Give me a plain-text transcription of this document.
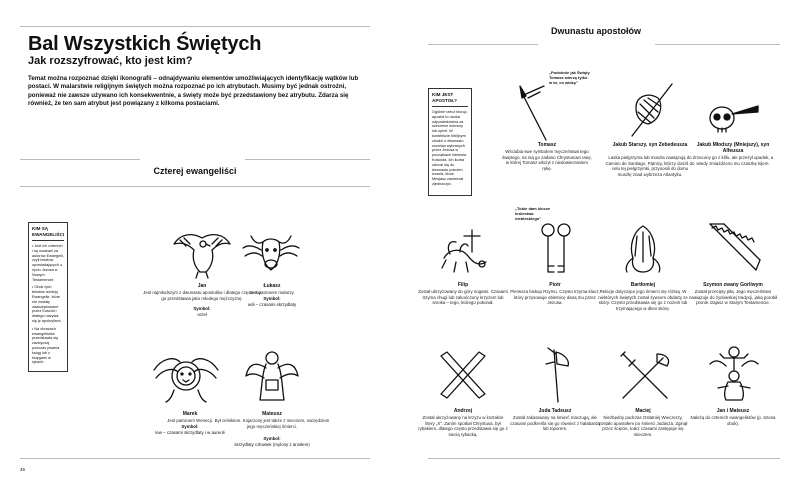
Bal Wszystkich Świętych
Jak rozszyfrować, kto jest kim?
Temat można rozpoznać dzięki ikonografii – odnajdywaniu elementów umożliwiających identyfikację wątków lub postaci. W malarstwie religijnym świętych można rozpoznać po ich atrybutach. Musimy być jednak ostrożni, ponieważ nie zawsze używano ich konsekwentnie, a święty może być przedstawiony bez atrybutu. Zdarza się również, że ten sam atrybut jest powiązany z kilkoma postaciami.
Czterej ewangeliści
KIM SĄ EWANGELIŚCI
• Jest ich czterech i są uważani za autorów Ewangelii, czyli tekstów opowiadających o życiu Jezusa w Nowym Testamencie.
• Obok tych tekstów istnieją Ewangelie, które nie zostały zaakceptowane przez Kościół i dlatego nazywa się je apokryfami.
• Na obrazach ewangelistów przedstawia się zazwyczaj podczas pisania ksiąg lub z księgami w rękach.
Jan
Jest najmłodszym z dwunastu apostołów i dlatego często się go przedstawia jako młodego mężczyznę.
Symbol:
orzeł
Łukasz
Jest patronem malarzy.
Symbol:
wół – czasami skrzydlaty
Marek
Jest patronem Wenecji.
Symbol:
lew – czasami skrzydlaty i w aureoli
Mateusz
Był celnikiem. Kojarzony jest także z mieczem, narzędziem jego męczeńskiej śmierci.
Symbol:
skrzydlaty człowiek (mylony z aniołem)
46
Dwunastu apostołów
KIM JEST APOSTOŁ?
Ogólnie rzecz biorąc, apostoł to osoba odpowiedzialna za szerzenie dobrony lub opinii. W kontekście biblijnym chodzi o dwunastu uczniów wybranych przez Jezusa w początkach istnienia Kościoła. Ich liczba odnosi się do dwunastu pokoleń Izraela, które Mesjasz zamierzał zjednoczyć.
„Podobnie jak Święty Tomasz wierzę tylko w to, co widzę"
Tomasz
Wściubia swe symbolem męczeństwa tego świętego, na nią go zadano Chrystusowi ranę, w której Tomasz włożył z niedowierzaniem rękę.
Jakub Starszy, syn Zebedeusza
Laska pielgrzyma lub muszla nawiązują do Camino de Santiago. Pątnicy, którzy doszli do celu tej pielgrzymki, przynosili do domu muszlę znad wybrzeża Atlantyku.
Jakub Młodszy (Mniejszy), syn Alfeusza
Zrzucony go z klifu, ale przeżył upadek, a wtedy zmiażdżono mu czaszkę kijem.
„Tobie dam klucze królestwa niebieskiego"
Filip
Został ukrzyżowany do góry nogami. Czasami trzyma chugi lub zakończony krzyżem lub smoka – tego, którego pokonał.
Piotr
Pierwsza biskup Rzymu. Często trzyma klucz, który przysowuje obietnicę daną mu przez Jezusa.
Bartłomiej
Relacje dotyczące jego śmierci się różnią. W niektórych świętych został żywcem obdarty ze skóry. Często przedstawia się go z nożem lub trzymającego w dłoni skórę.
Szymon zwany Gorliwym
Został przecięty piłą. Jego męczeństwo nawiązuje do żydowskiej tradycji, jaką porobił prorok Izajasz w Starym Testamencie.
Andrzej
Został ukrzyżowany na krzyżu w kształcie litery „X". Zanim spotkał Chrystusa, był rybakiem, dlatego często przedstawia się go z siecią rybacką.
Juda Tadeusz
Został zakatowany na śmierć maczugą, ale czasami podkreśla się go również z halabardą lub toporem.
Maciej
Niezbędny podczas Ostatniej Wieczerzy, zostało apostołem po śmierci Judasza. Zginął przez ścięcie, toteż czasami zastępuje się mieczem.
Jan i Mateusz
Należą do czterech ewangelistów (p. strona obok).
